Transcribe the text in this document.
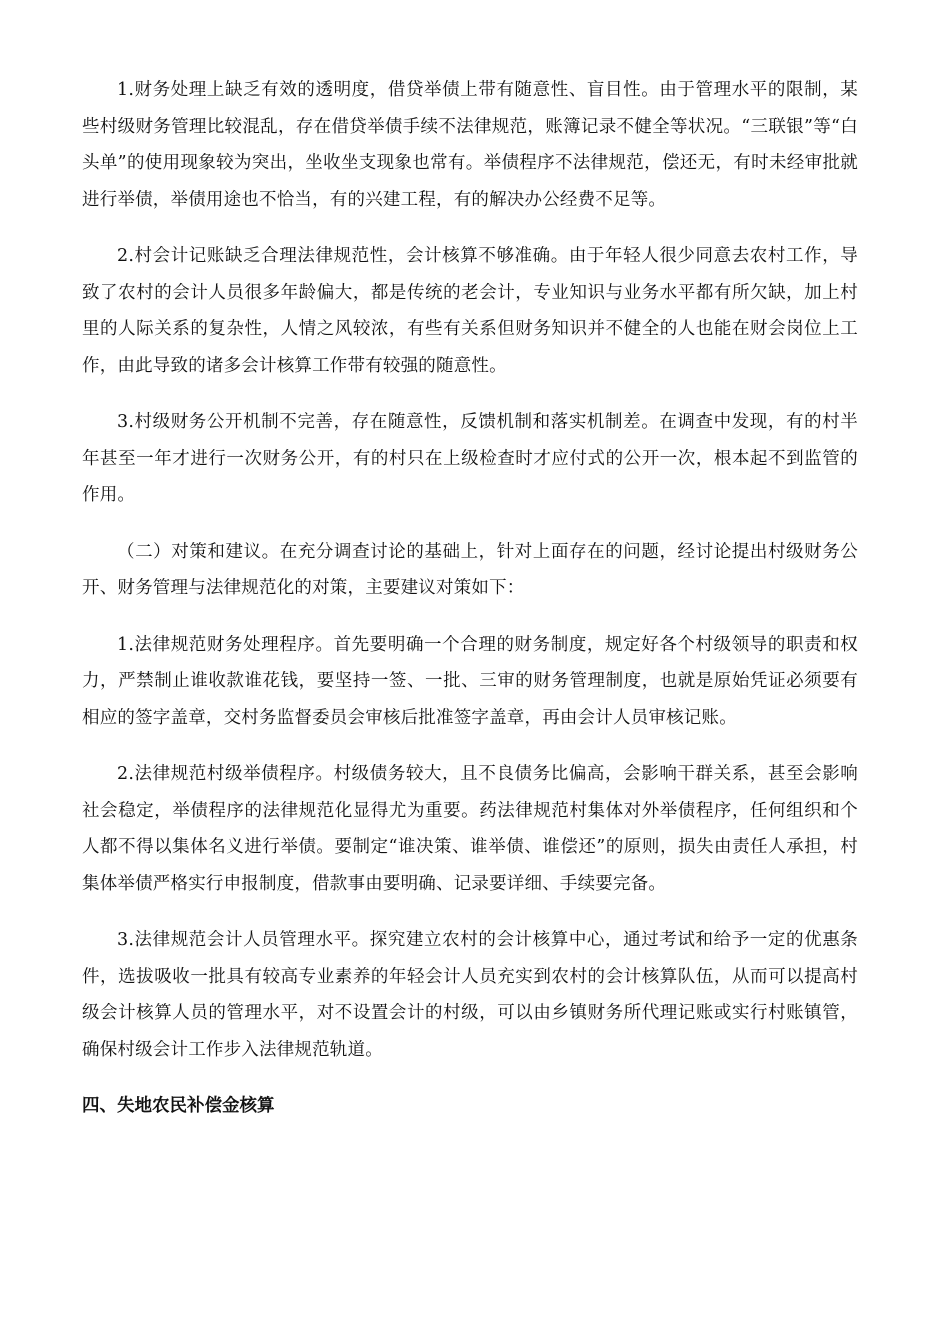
1.财务处理上缺乏有效的透明度，借贷举债上带有随意性、盲目性。由于管理水平的限制，某些村级财务管理比较混乱，存在借贷举债手续不法律规范，账簿记录不健全等状况。“三联银”等“白头单”的使用现象较为突出，坐收坐支现象也常有。举债程序不法律规范，偿还无，有时未经审批就进行举债，举债用途也不恰当，有的兴建工程，有的解决办公经费不足等。

2.村会计记账缺乏合理法律规范性，会计核算不够准确。由于年轻人很少同意去农村工作，导致了农村的会计人员很多年龄偏大，都是传统的老会计，专业知识与业务水平都有所欠缺，加上村里的人际关系的复杂性，人情之风较浓，有些有关系但财务知识并不健全的人也能在财会岗位上工作，由此导致的诸多会计核算工作带有较强的随意性。

3.村级财务公开机制不完善，存在随意性，反馈机制和落实机制差。在调查中发现，有的村半年甚至一年才进行一次财务公开，有的村只在上级检查时才应付式的公开一次，根本起不到监管的作用。

（二）对策和建议。在充分调查讨论的基础上，针对上面存在的问题，经讨论提出村级财务公开、财务管理与法律规范化的对策，主要建议对策如下：

1.法律规范财务处理程序。首先要明确一个合理的财务制度，规定好各个村级领导的职责和权力，严禁制止谁收款谁花钱，要坚持一签、一批、三审的财务管理制度，也就是原始凭证必须要有相应的签字盖章，交村务监督委员会审核后批准签字盖章，再由会计人员审核记账。

2.法律规范村级举债程序。村级债务较大，且不良债务比偏高，会影响干群关系，甚至会影响社会稳定，举债程序的法律规范化显得尤为重要。药法律规范村集体对外举债程序，任何组织和个人都不得以集体名义进行举债。要制定“谁决策、谁举债、谁偿还”的原则，损失由责任人承担，村集体举债严格实行申报制度，借款事由要明确、记录要详细、手续要完备。

3.法律规范会计人员管理水平。探究建立农村的会计核算中心，通过考试和给予一定的优惠条件，选拔吸收一批具有较高专业素养的年轻会计人员充实到农村的会计核算队伍，从而可以提高村级会计核算人员的管理水平，对不设置会计的村级，可以由乡镇财务所代理记账或实行村账镇管，确保村级会计工作步入法律规范轨道。

四、失地农民补偿金核算
